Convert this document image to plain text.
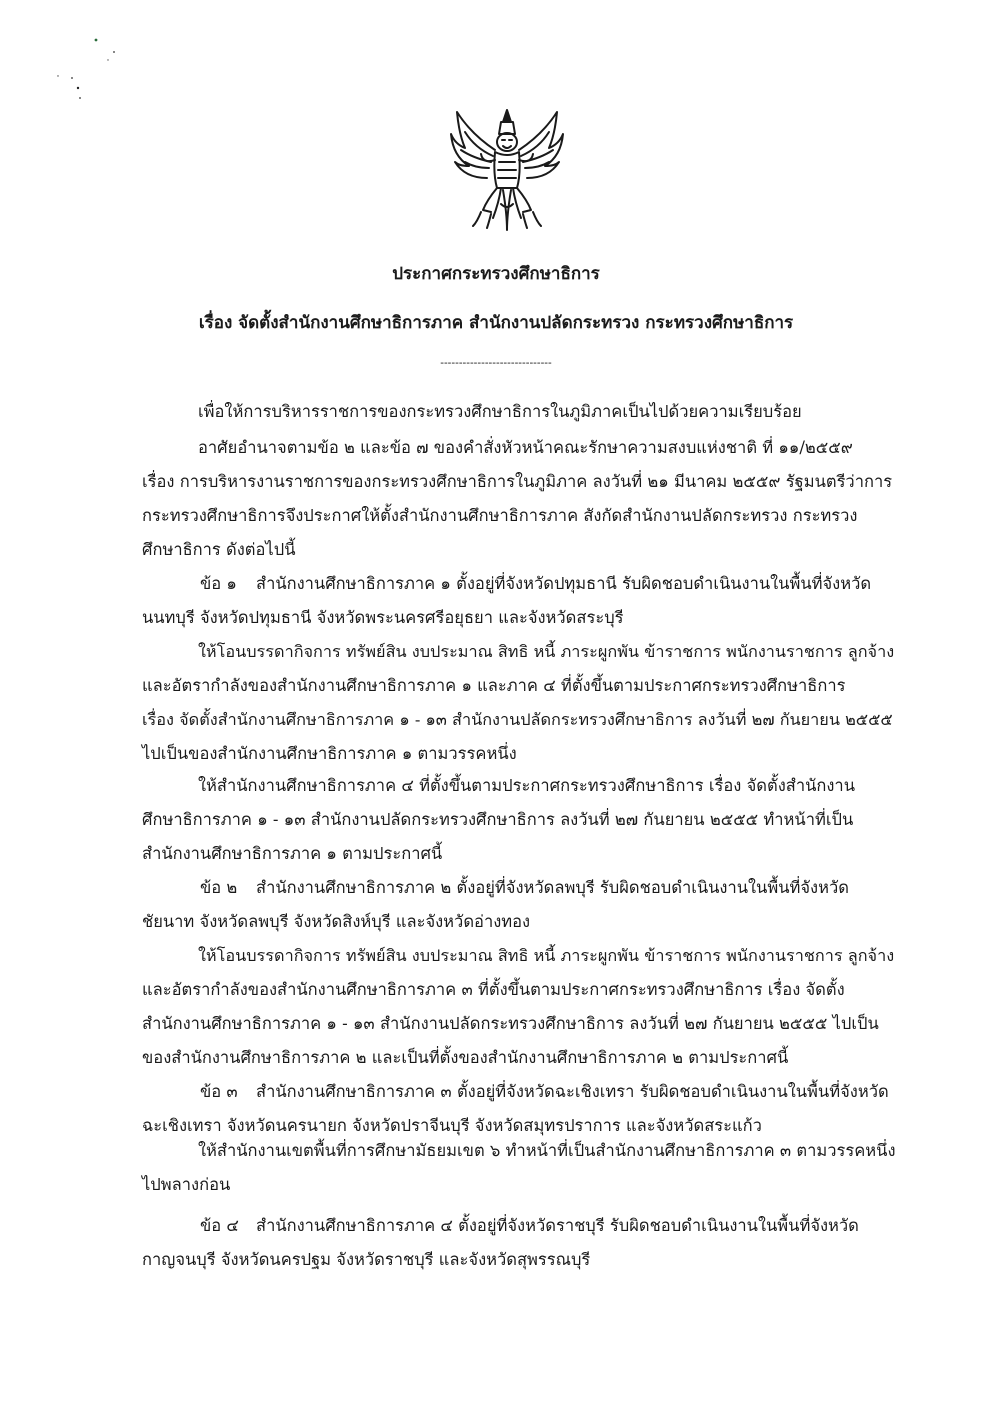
ประกาศกระทรวงศึกษาธิการ
เรื่อง จัดตั้งสำนักงานศึกษาธิการภาค สำนักงานปลัดกระทรวง กระทรวงศึกษาธิการ
------------------------------
เพื่อให้การบริหารราชการของกระทรวงศึกษาธิการในภูมิภาคเป็นไปด้วยความเรียบร้อย
อาศัยอำนาจตามข้อ ๒ และข้อ ๗ ของคำสั่งหัวหน้าคณะรักษาความสงบแห่งชาติ ที่ ๑๑/๒๕๕๙
เรื่อง การบริหารงานราชการของกระทรวงศึกษาธิการในภูมิภาค ลงวันที่ ๒๑ มีนาคม ๒๕๕๙ รัฐมนตรีว่าการ
กระทรวงศึกษาธิการจึงประกาศให้ตั้งสำนักงานศึกษาธิการภาค สังกัดสำนักงานปลัดกระทรวง กระทรวง
ศึกษาธิการ ดังต่อไปนี้
ข้อ ๑ สำนักงานศึกษาธิการภาค ๑ ตั้งอยู่ที่จังหวัดปทุมธานี รับผิดชอบดำเนินงานในพื้นที่จังหวัด
นนทบุรี จังหวัดปทุมธานี จังหวัดพระนครศรีอยุธยา และจังหวัดสระบุรี
ให้โอนบรรดากิจการ ทรัพย์สิน งบประมาณ สิทธิ หนี้ ภาระผูกพัน ข้าราชการ พนักงานราชการ ลูกจ้าง
และอัตรากำลังของสำนักงานศึกษาธิการภาค ๑ และภาค ๔ ที่ตั้งขึ้นตามประกาศกระทรวงศึกษาธิการ
เรื่อง จัดตั้งสำนักงานศึกษาธิการภาค ๑ - ๑๓ สำนักงานปลัดกระทรวงศึกษาธิการ ลงวันที่ ๒๗ กันยายน ๒๕๕๕
ไปเป็นของสำนักงานศึกษาธิการภาค ๑ ตามวรรคหนึ่ง
ให้สำนักงานศึกษาธิการภาค ๔ ที่ตั้งขึ้นตามประกาศกระทรวงศึกษาธิการ เรื่อง จัดตั้งสำนักงาน
ศึกษาธิการภาค ๑ - ๑๓ สำนักงานปลัดกระทรวงศึกษาธิการ ลงวันที่ ๒๗ กันยายน ๒๕๕๕ ทำหน้าที่เป็น
สำนักงานศึกษาธิการภาค ๑ ตามประกาศนี้
ข้อ ๒ สำนักงานศึกษาธิการภาค ๒ ตั้งอยู่ที่จังหวัดลพบุรี รับผิดชอบดำเนินงานในพื้นที่จังหวัด
ชัยนาท จังหวัดลพบุรี จังหวัดสิงห์บุรี และจังหวัดอ่างทอง
ให้โอนบรรดากิจการ ทรัพย์สิน งบประมาณ สิทธิ หนี้ ภาระผูกพัน ข้าราชการ พนักงานราชการ ลูกจ้าง
และอัตรากำลังของสำนักงานศึกษาธิการภาค ๓ ที่ตั้งขึ้นตามประกาศกระทรวงศึกษาธิการ เรื่อง จัดตั้ง
สำนักงานศึกษาธิการภาค ๑ - ๑๓ สำนักงานปลัดกระทรวงศึกษาธิการ ลงวันที่ ๒๗ กันยายน ๒๕๕๕ ไปเป็น
ของสำนักงานศึกษาธิการภาค ๒ และเป็นที่ตั้งของสำนักงานศึกษาธิการภาค ๒ ตามประกาศนี้
ข้อ ๓ สำนักงานศึกษาธิการภาค ๓ ตั้งอยู่ที่จังหวัดฉะเชิงเทรา รับผิดชอบดำเนินงานในพื้นที่จังหวัด
ฉะเชิงเทรา จังหวัดนครนายก จังหวัดปราจีนบุรี จังหวัดสมุทรปราการ และจังหวัดสระแก้ว
ให้สำนักงานเขตพื้นที่การศึกษามัธยมเขต ๖ ทำหน้าที่เป็นสำนักงานศึกษาธิการภาค ๓ ตามวรรคหนึ่ง
ไปพลางก่อน
ข้อ ๔ สำนักงานศึกษาธิการภาค ๔ ตั้งอยู่ที่จังหวัดราชบุรี รับผิดชอบดำเนินงานในพื้นที่จังหวัด
กาญจนบุรี จังหวัดนครปฐม จังหวัดราชบุรี และจังหวัดสุพรรณบุรี
